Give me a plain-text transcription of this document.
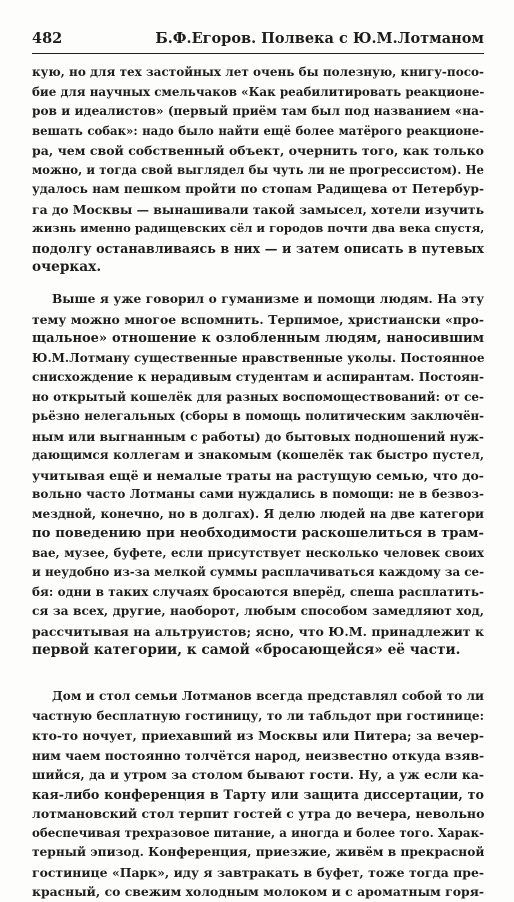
482	Б.Ф.Егоров. Полвека с Ю.М.Лотманом
кую, но для тех застойных лет очень бы полезную, книгу-посо-
бие для научных смельчаков «Как реабилитировать реакционе-
ров и идеалистов» (первый приём там был под названием «на-
вешать собак»: надо было найти ещё более матёрого реакционе-
ра, чем свой собственный объект, очернить того, как только
можно, и тогда свой выглядел бы чуть ли не прогрессистом). Не
удалось нам пешком пройти по стопам Радищева от Петербур-
га до Москвы — вынашивали такой замысел, хотели изучить
жизнь именно радищевских сёл и городов почти два века спустя,
подолгу останавливаясь в них — и затем описать в путевых
очерках.
Выше я уже говорил о гуманизме и помощи людям. На эту
тему можно многое вспомнить. Терпимое, христиански «про-
щальное» отношение к озлобленным людям, наносившим
Ю.М.Лотману существенные нравственные уколы. Постоянное
снисхождение к нерадивым студентам и аспирантам. Постоян-
но открытый кошелёк для разных воспомоществований: от се-
рьёзно нелегальных (сборы в помощь политическим заключён-
ным или выгнанным с работы) до бытовых подношений нуж-
дающимся коллегам и знакомым (кошелёк так быстро пустел,
учитывая ещё и немалые траты на растущую семью, что до-
вольно часто Лотманы сами нуждались в помощи: не в безвоз-
мездной, конечно, но в долгах). Я делю людей на две категори
по поведению при необходимости раскошелиться в трам-
вае, музее, буфете, если присутствует несколько человек своих
и неудобно из-за мелкой суммы расплачиваться каждому за се-
бя: одни в таких случаях бросаются вперёд, спеша расплатить-
ся за всех, другие, наоборот, любым способом замедляют ход,
рассчитывая на альтруистов; ясно, что Ю.М. принадлежит к
первой категории, к самой «бросающейся» её части.
Дом и стол семьи Лотманов всегда представлял собой то ли
частную бесплатную гостиницу, то ли табльдот при гостинице:
кто-то ночует, приехавший из Москвы или Питера; за вечер-
ним чаем постоянно толчётся народ, неизвестно откуда взяв-
шийся, да и утром за столом бывают гости. Ну, а уж если ка-
кая-либо конференция в Тарту или защита диссертации, то
лотмановский стол терпит гостей с утра до вечера, невольно
обеспечивая трехразовое питание, а иногда и более того. Харак-
терный эпизод. Конференция, приезжие, живём в прекрасной
гостинице «Парк», иду я завтракать в буфет, тоже тогда пре-
красный, со свежим холодным молоком и с ароматным горя-
